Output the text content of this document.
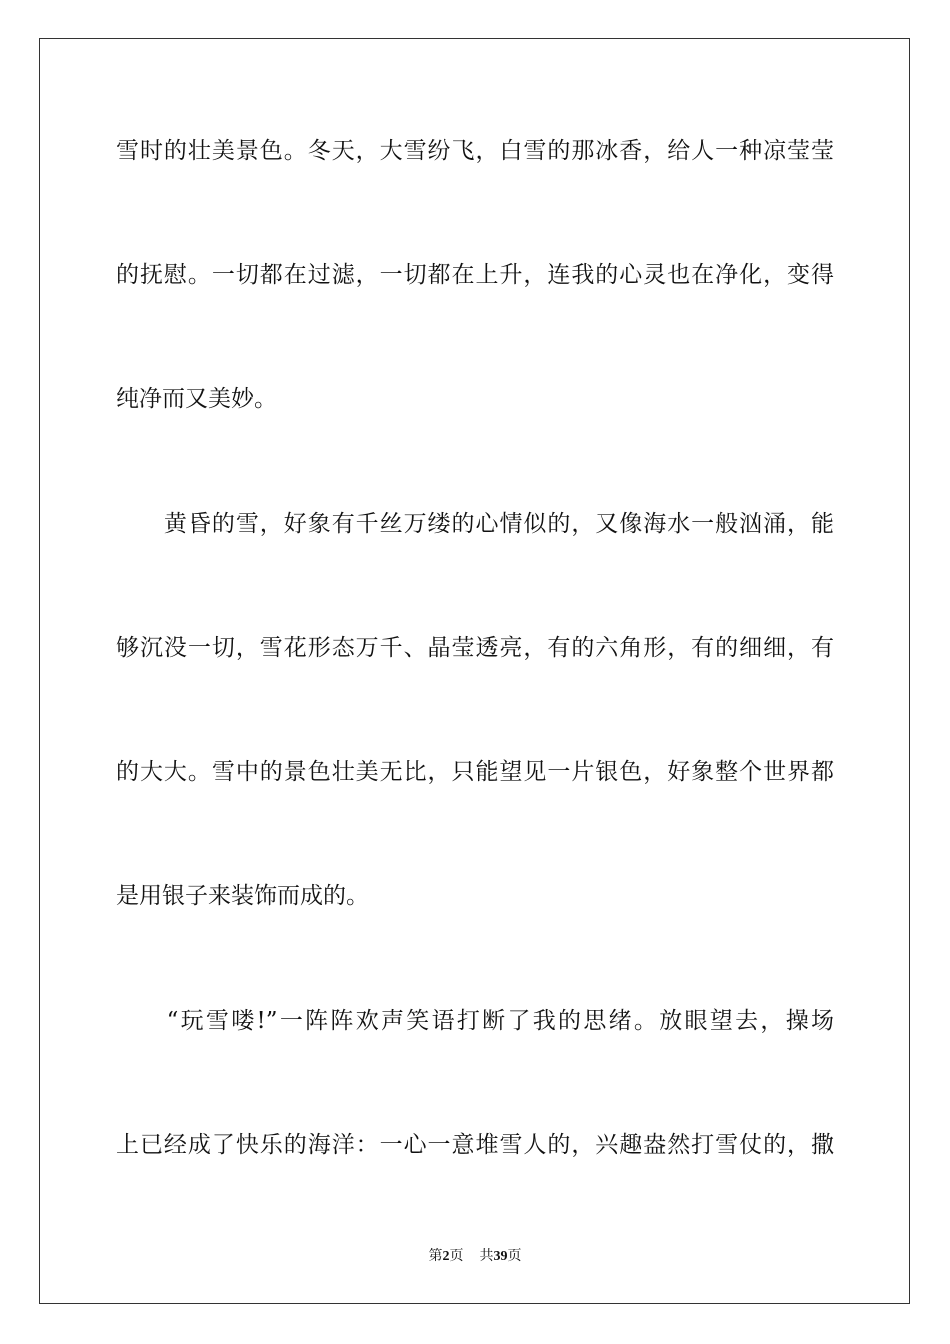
雪时的壮美景色。冬天，大雪纷飞，白雪的那冰香，给人一种凉莹莹
的抚慰。一切都在过滤，一切都在上升，连我的心灵也在净化，变得
纯净而又美妙。
　　黄昏的雪，好象有千丝万缕的心情似的，又像海水一般汹涌，能
够沉没一切，雪花形态万千、晶莹透亮，有的六角形，有的细细，有
的大大。雪中的景色壮美无比，只能望见一片银色，好象整个世界都
是用银子来装饰而成的。
　　“玩雪喽!”一阵阵欢声笑语打断了我的思绪。放眼望去，操场
上已经成了快乐的海洋：一心一意堆雪人的，兴趣盎然打雪仗的，撒
第2页 共39页
